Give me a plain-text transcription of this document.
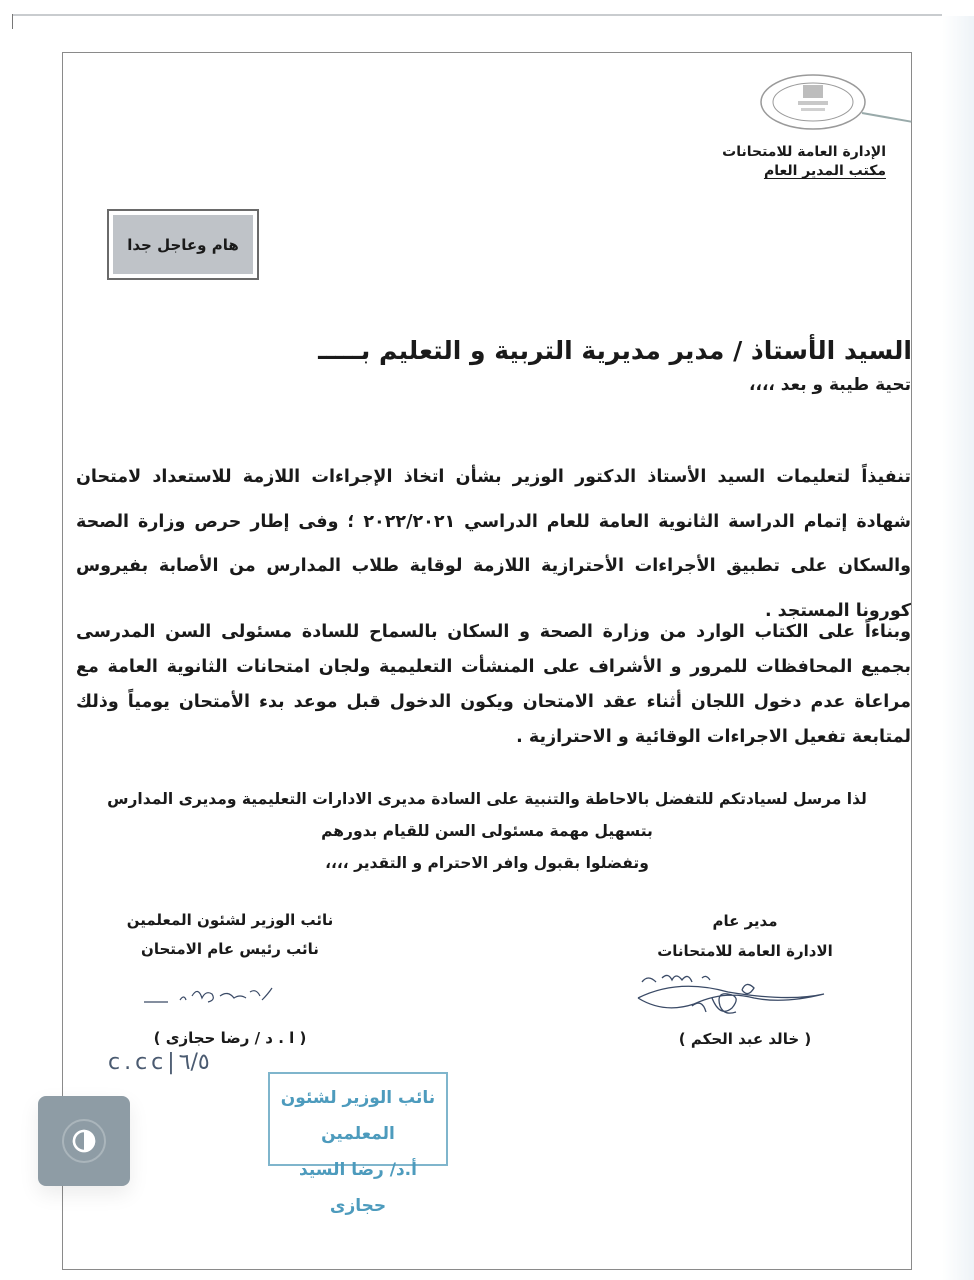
الإدارة العامة للامتحانات
مكتب المدير العام
هام وعاجل جدا
السيد الأستاذ / مدير مديرية التربية و التعليم بـــــ
تحية طيبة و بعد ،،،،
تنفيذاً لتعليمات السيد الأستاذ الدكتور الوزير بشأن اتخاذ الإجراءات اللازمة للاستعداد لامتحان شهادة إتمام الدراسة الثانوية العامة للعام الدراسي ٢٠٢٢/٢٠٢١ ؛ وفى إطار حرص وزارة الصحة والسكان على تطبيق الأجراءات الأحترازية اللازمة لوقاية طلاب المدارس من الأصابة بفيروس كورونا المستجد .
وبناءاً على الكتاب الوارد من وزارة الصحة و السكان بالسماح للسادة مسئولى السن المدرسى بجميع المحافظات للمرور و الأشراف على المنشأت التعليمية ولجان امتحانات الثانوية العامة مع مراعاة عدم دخول اللجان أثناء عقد الامتحان ويكون الدخول قبل موعد بدء الأمتحان يومياً وذلك لمتابعة تفعيل الاجراءات الوقائية و الاحترازية .
لذا مرسل لسيادتكم للتفضل بالاحاطة والتنبية على السادة مديرى الادارات التعليمية ومديرى المدارس
بتسهيل مهمة مسئولى السن للقيام بدورهم
وتفضلوا بقبول وافر الاحترام و التقدير ،،،،
مدير عام
الادارة العامة للامتحانات
( خالد عبد الحكم )
نائب الوزير لشئون المعلمين
نائب رئيس عام الامتحان
( ا . د / رضا حجازى )
c.cc|٦/٥
نائب الوزير لشئون المعلمين
أ.د/ رضا السيد حجازى
